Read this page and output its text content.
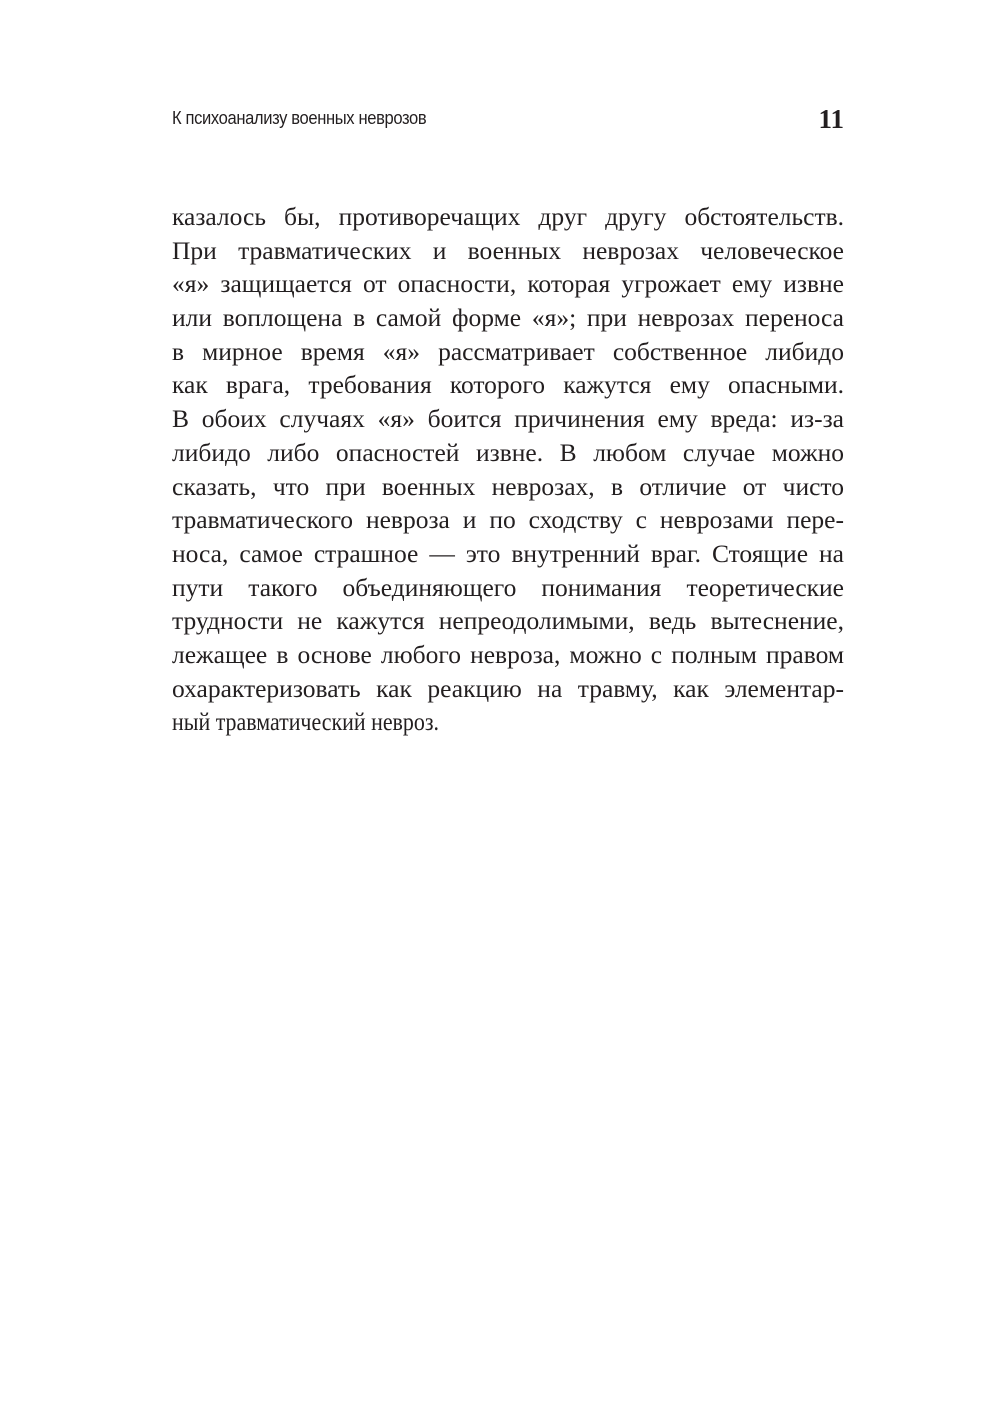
К психоанализу военных неврозов	11
казалось бы, противоречащих друг другу обстоятельств.
При травматических и военных неврозах человеческое
«я» защищается от опасности, которая угрожает ему извне
или воплощена в самой форме «я»; при неврозах переноса
в мирное время «я» рассматривает собственное либидо
как врага, требования которого кажутся ему опасными.
В обоих случаях «я» боится причинения ему вреда: из-за
либидо либо опасностей извне. В любом случае можно
сказать, что при военных неврозах, в отличие от чисто
травматического невроза и по сходству с неврозами пере-
носа, самое страшное — это внутренний враг. Стоящие на
пути такого объединяющего понимания теоретические
трудности не кажутся непреодолимыми, ведь вытеснение,
лежащее в основе любого невроза, можно с полным правом
охарактеризовать как реакцию на травму, как элементар-
ный травматический невроз.
